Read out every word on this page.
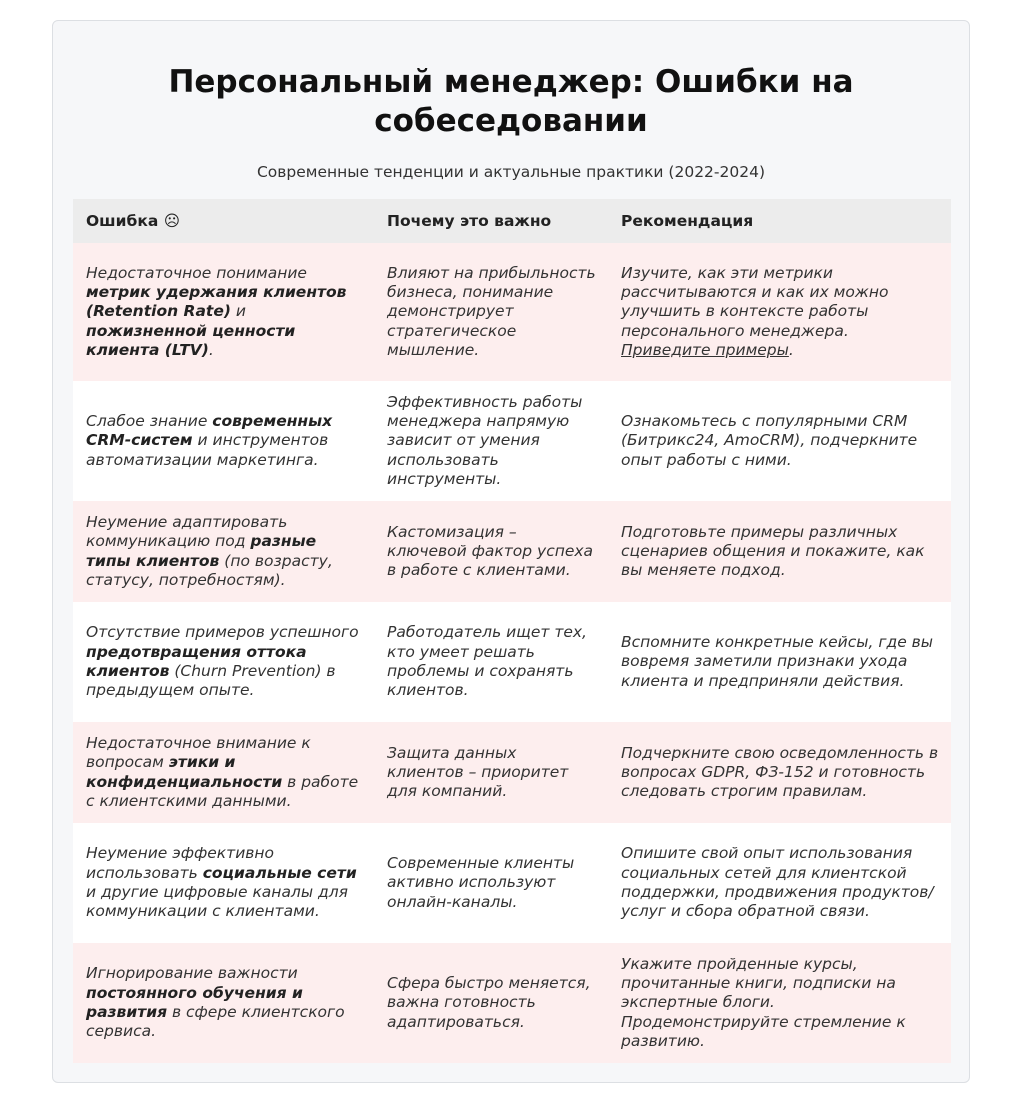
Персональный менеджер: Ошибки на собеседовании
Современные тенденции и актуальные практики (2022-2024)
Ошибка ☹	Почему это важно	Рекомендация
Недостаточное понимание метрик удержания клиентов (Retention Rate) и пожизненной ценности клиента (LTV).	Влияют на прибыльность бизнеса, понимание демонстрирует стратегическое мышление.	Изучите, как эти метрики рассчитываются и как их можно улучшить в контексте работы персонального менеджера. Приведите примеры.
Слабое знание современных CRM-систем и инструментов автоматизации маркетинга.	Эффективность работы менеджера напрямую зависит от умения использовать инструменты.	Ознакомьтесь с популярными CRM (Битрикс24, AmoCRM), подчеркните опыт работы с ними.
Неумение адаптировать коммуникацию под разные типы клиентов (по возрасту, статусу, потребностям).	Кастомизация – ключевой фактор успеха в работе с клиентами.	Подготовьте примеры различных сценариев общения и покажите, как вы меняете подход.
Отсутствие примеров успешного предотвращения оттока клиентов (Churn Prevention) в предыдущем опыте.	Работодатель ищет тех, кто умеет решать проблемы и сохранять клиентов.	Вспомните конкретные кейсы, где вы вовремя заметили признаки ухода клиента и предприняли действия.
Недостаточное внимание к вопросам этики и конфиденциальности в работе с клиентскими данными.	Защита данных клиентов – приоритет для компаний.	Подчеркните свою осведомленность в вопросах GDPR, ФЗ-152 и готовность следовать строгим правилам.
Неумение эффективно использовать социальные сети и другие цифровые каналы для коммуникации с клиентами.	Современные клиенты активно используют онлайн-каналы.	Опишите свой опыт использования социальных сетей для клиентской поддержки, продвижения продуктов/услуг и сбора обратной связи.
Игнорирование важности постоянного обучения и развития в сфере клиентского сервиса.	Сфера быстро меняется, важна готовность адаптироваться.	Укажите пройденные курсы, прочитанные книги, подписки на экспертные блоги. Продемонстрируйте стремление к развитию.
